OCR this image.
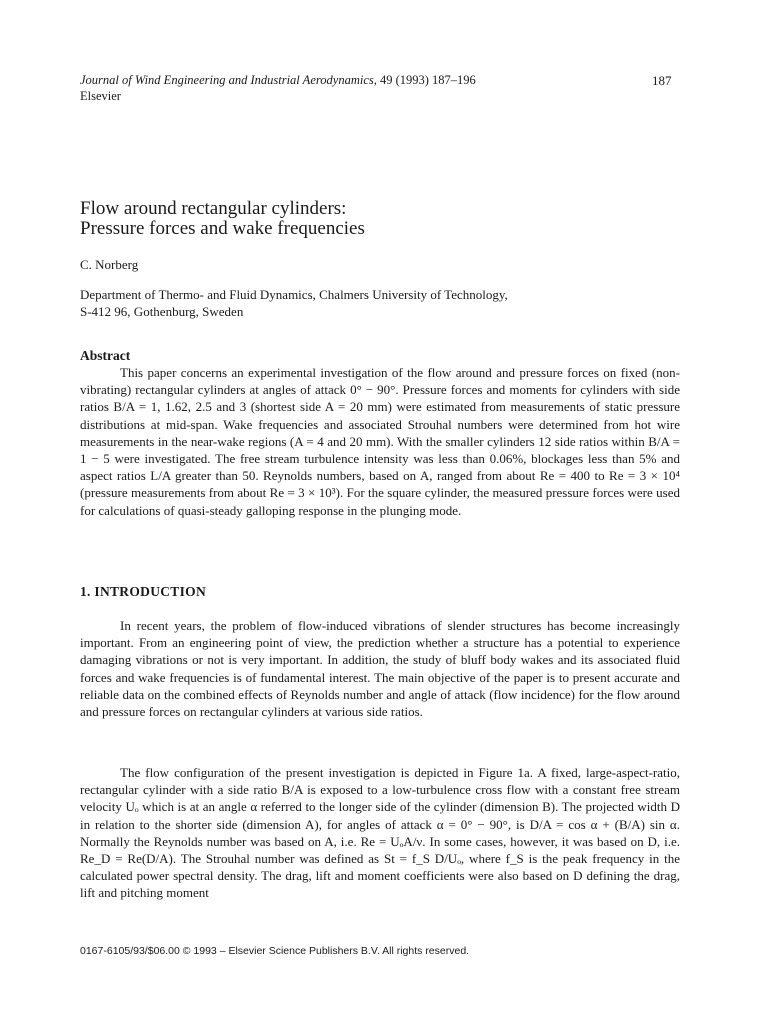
Journal of Wind Engineering and Industrial Aerodynamics, 49 (1993) 187–196
Elsevier
187
Flow around rectangular cylinders:
Pressure forces and wake frequencies
C. Norberg
Department of Thermo- and Fluid Dynamics, Chalmers University of Technology,
S-412 96, Gothenburg, Sweden
Abstract
This paper concerns an experimental investigation of the flow around and pressure forces on fixed (non-vibrating) rectangular cylinders at angles of attack 0° − 90°. Pressure forces and moments for cylinders with side ratios B/A = 1, 1.62, 2.5 and 3 (shortest side A = 20 mm) were estimated from measurements of static pressure distributions at mid-span. Wake frequencies and associated Strouhal numbers were determined from hot wire measurements in the near-wake regions (A = 4 and 20 mm). With the smaller cylinders 12 side ratios within B/A = 1 − 5 were investigated. The free stream turbulence intensity was less than 0.06%, blockages less than 5% and aspect ratios L/A greater than 50. Reynolds numbers, based on A, ranged from about Re = 400 to Re = 3 × 10⁴ (pressure measurements from about Re = 3 × 10³). For the square cylinder, the measured pressure forces were used for calculations of quasi-steady galloping response in the plunging mode.
1. INTRODUCTION
In recent years, the problem of flow-induced vibrations of slender structures has become increasingly important. From an engineering point of view, the prediction whether a structure has a potential to experience damaging vibrations or not is very important. In addition, the study of bluff body wakes and its associated fluid forces and wake frequencies is of fundamental interest. The main objective of the paper is to present accurate and reliable data on the combined effects of Reynolds number and angle of attack (flow incidence) for the flow around and pressure forces on rectangular cylinders at various side ratios.
The flow configuration of the present investigation is depicted in Figure 1a. A fixed, large-aspect-ratio, rectangular cylinder with a side ratio B/A is exposed to a low-turbulence cross flow with a constant free stream velocity Uₒ which is at an angle α referred to the longer side of the cylinder (dimension B). The projected width D in relation to the shorter side (dimension A), for angles of attack α = 0° − 90°, is D/A = cos α + (B/A) sin α. Normally the Reynolds number was based on A, i.e. Re = UₒA/ν. In some cases, however, it was based on D, i.e. Re_D = Re(D/A). The Strouhal number was defined as St = f_S D/Uₒ, where f_S is the peak frequency in the calculated power spectral density. The drag, lift and moment coefficients were also based on D defining the drag, lift and pitching moment
0167-6105/93/$06.00 © 1993 – Elsevier Science Publishers B.V. All rights reserved.
